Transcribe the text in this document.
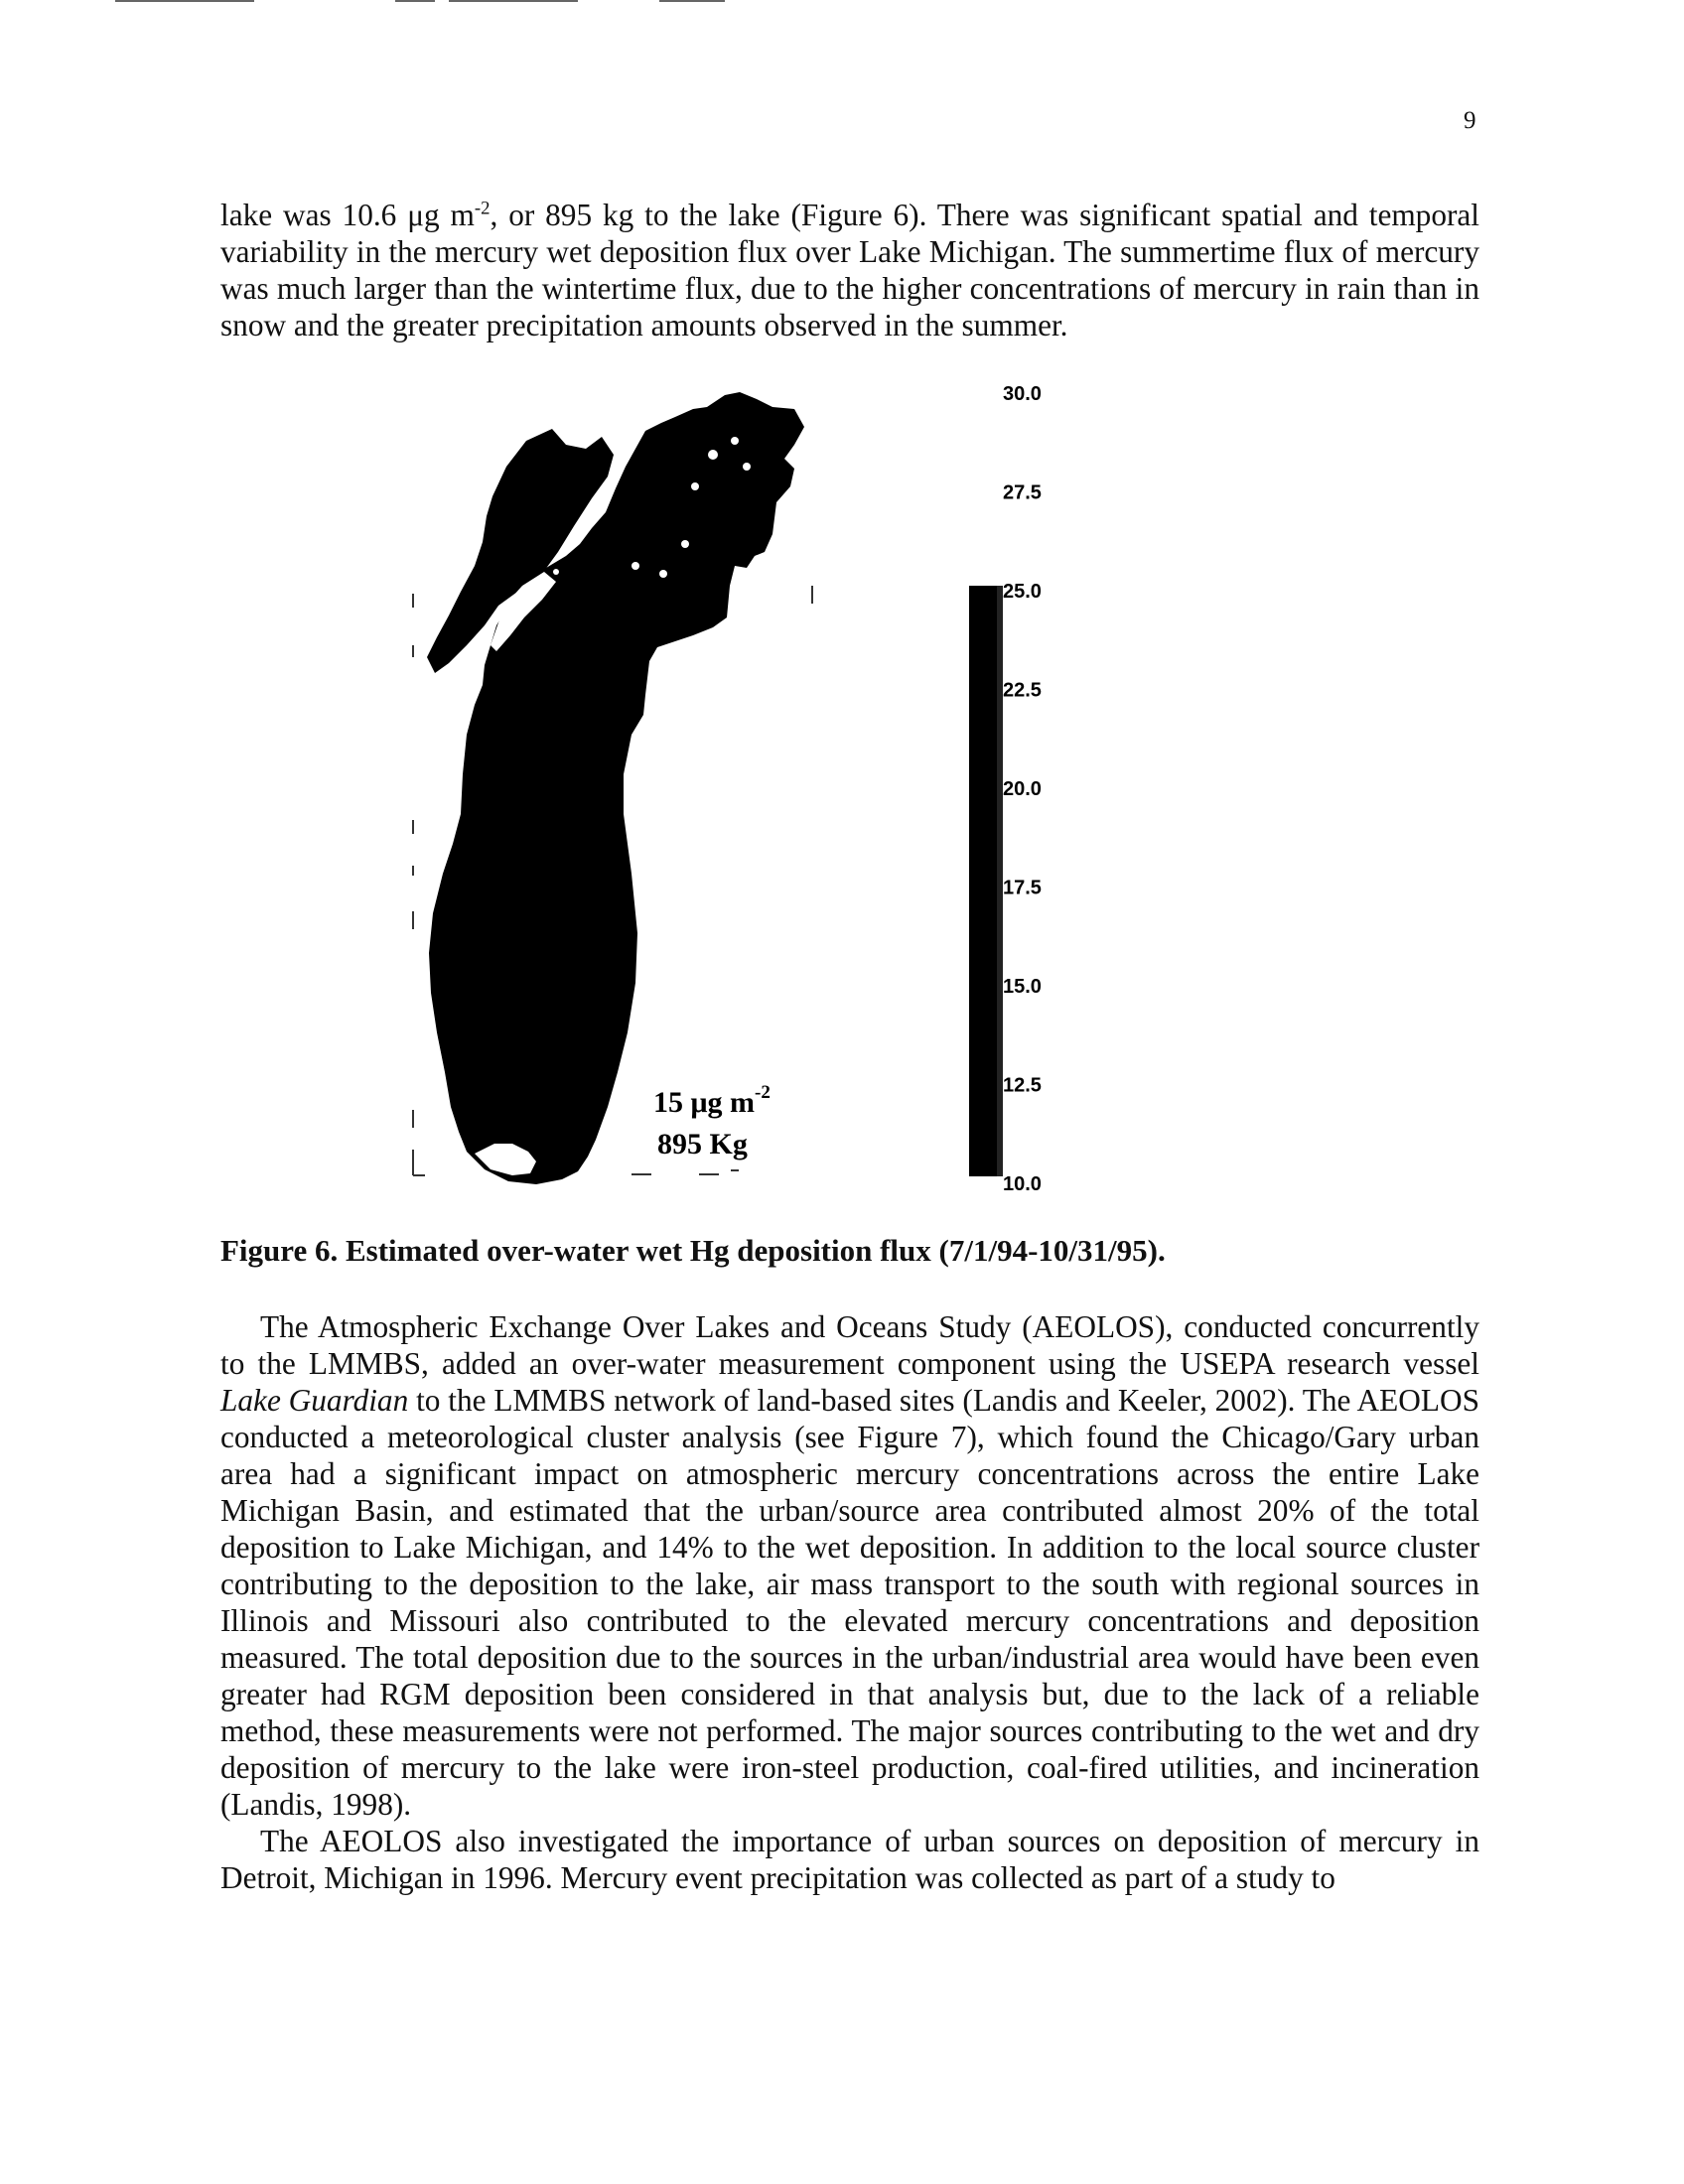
9

lake was 10.6 μg $m^{-2}$, or 895 kg to the lake (Figure 6). There was significant spatial and temporal variability in the mercury wet deposition flux over Lake Michigan. The summertime flux of mercury was much larger than the wintertime flux, due to the higher concentrations of mercury in rain than in snow and the greater precipitation amounts observed in the summer.

15 μg $m^{-2}$
895 Kg
30.0
27.5
25.0
22.5
20.0
17.5
15.0
12.5
10.0
Figure 6. Estimated over-water wet Hg deposition flux (7/1/94-10/31/95).

The Atmospheric Exchange Over Lakes and Oceans Study (AEOLOS), conducted concurrently to the LMMBS, added an over-water measurement component using the USEPA research vessel Lake Guardian to the LMMBS network of land-based sites (Landis and Keeler, 2002). The AEOLOS conducted a meteorological cluster analysis (see Figure 7), which found the Chicago/Gary urban area had a significant impact on atmospheric mercury concentrations across the entire Lake Michigan Basin, and estimated that the urban/source area contributed almost 20% of the total deposition to Lake Michigan, and 14% to the wet deposition. In addition to the local source cluster contributing to the deposition to the lake, air mass transport to the south with regional sources in Illinois and Missouri also contributed to the elevated mercury concentrations and deposition measured. The total deposition due to the sources in the urban/industrial area would have been even greater had RGM deposition been considered in that analysis but, due to the lack of a reliable method, these measurements were not performed. The major sources contributing to the wet and dry deposition of mercury to the lake were iron-steel production, coal-fired utilities, and incineration (Landis, 1998).

The AEOLOS also investigated the importance of urban sources on deposition of mercury in Detroit, Michigan in 1996. Mercury event precipitation was collected as part of a study to
